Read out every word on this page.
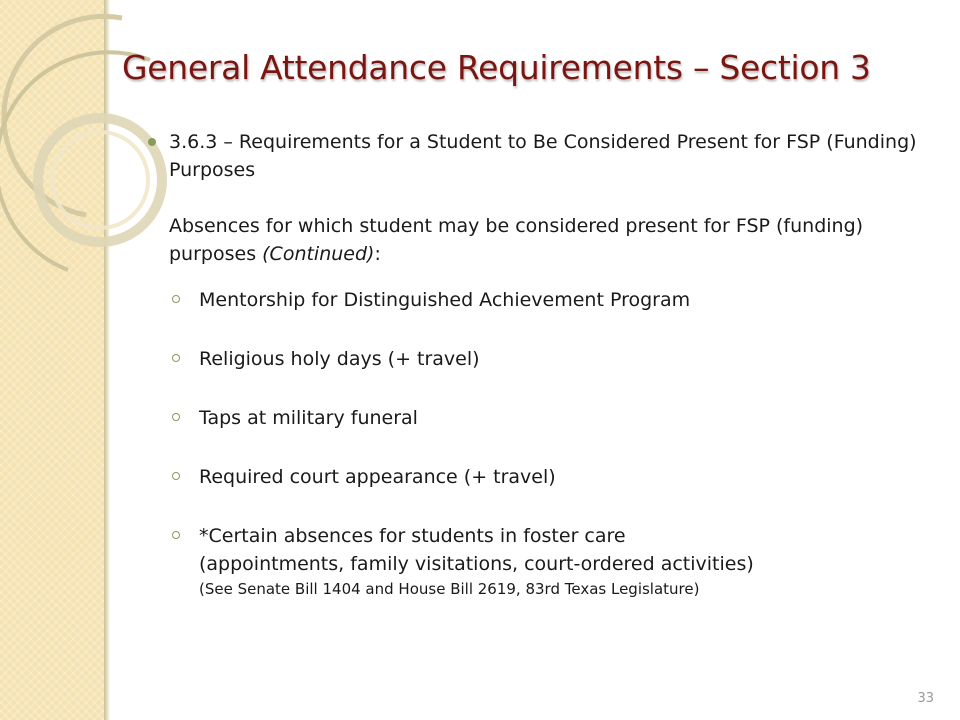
General Attendance Requirements – Section 3
3.6.3 – Requirements for a Student to Be Considered Present for FSP (Funding) Purposes
Absences for which student may be considered present for FSP (funding) purposes (Continued):
Mentorship for Distinguished Achievement Program
Religious holy days (+ travel)
Taps at military funeral
Required court appearance (+ travel)
*Certain absences for students in foster care
(appointments, family visitations, court-ordered activities)
(See Senate Bill 1404 and House Bill 2619, 83rd Texas Legislature)
33
